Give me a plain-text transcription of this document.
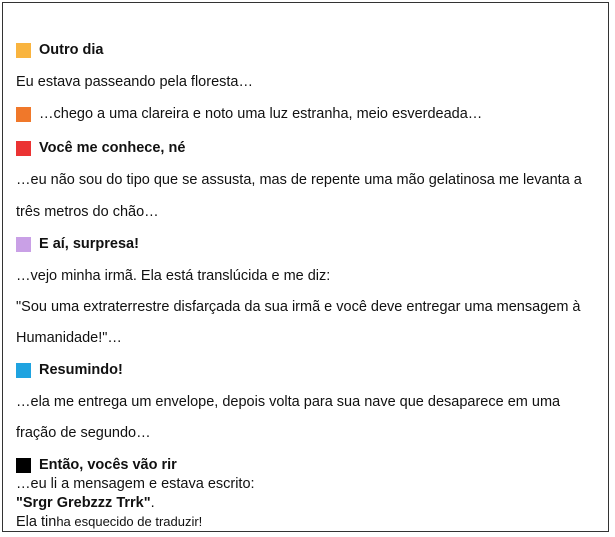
Outro dia
Eu estava passeando pela floresta…
…chego a uma clareira e noto uma luz estranha, meio esverdeada…
Você me conhece, né
…eu não sou do tipo que se assusta, mas de repente uma mão gelatinosa me levanta a
três metros do chão…
E aí, surpresa!
…vejo minha irmã. Ela está translúcida e me diz:
"Sou uma extraterrestre disfarçada da sua irmã e você deve entregar uma mensagem à
Humanidade!"…
Resumindo!
…ela me entrega um envelope, depois volta para sua nave que desaparece em uma
fração de segundo…
Então, vocês vão rir
…eu li a mensagem e estava escrito:
"Srgr Grebzzz Trrk".
Ela tinha esquecido de traduzir!
